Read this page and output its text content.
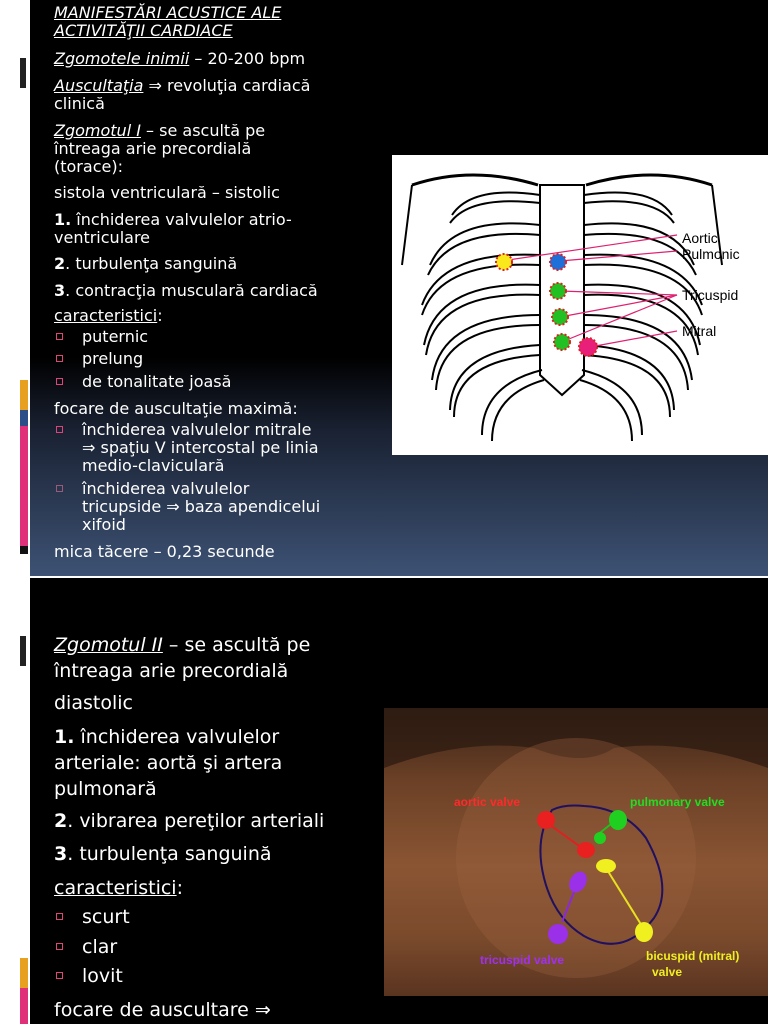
MANIFESTĂRI ACUSTICE ALE
ACTIVITĂŢII CARDIACE
Zgomotele inimii – 20-200 bpm
Auscultaţia ⇒ revoluţia cardiacă
clinică
Zgomotul I – se ascultă pe
întreaga arie precordială
(torace):
sistola ventriculară – sistolic
1. închiderea valvulelor atrio-
ventriculare
2. turbulenţa sanguină
3. contracţia musculară cardiacă
caracteristici:
puternic
prelung
de tonalitate joasă
focare de auscultaţie maximă:
închiderea valvulelor mitrale
⇒ spaţiu V intercostal pe linia
medio-claviculară
închiderea valvulelor
tricupside ⇒ baza apendicelui
xifoid
mica tăcere – 0,23 secunde
Aortic
Pulmonic
Tricuspid
Mitral
Zgomotul II – se ascultă pe
întreaga arie precordială
diastolic
1. închiderea valvulelor
arteriale: aortă şi artera
pulmonară
2. vibrarea pereţilor arteriali
3. turbulenţa sanguină
caracteristici:
scurt
clar
lovit
focare de auscultare ⇒
aortic valve	pulmonary valve
tricuspid valve	bicuspid (mitral)
valve
